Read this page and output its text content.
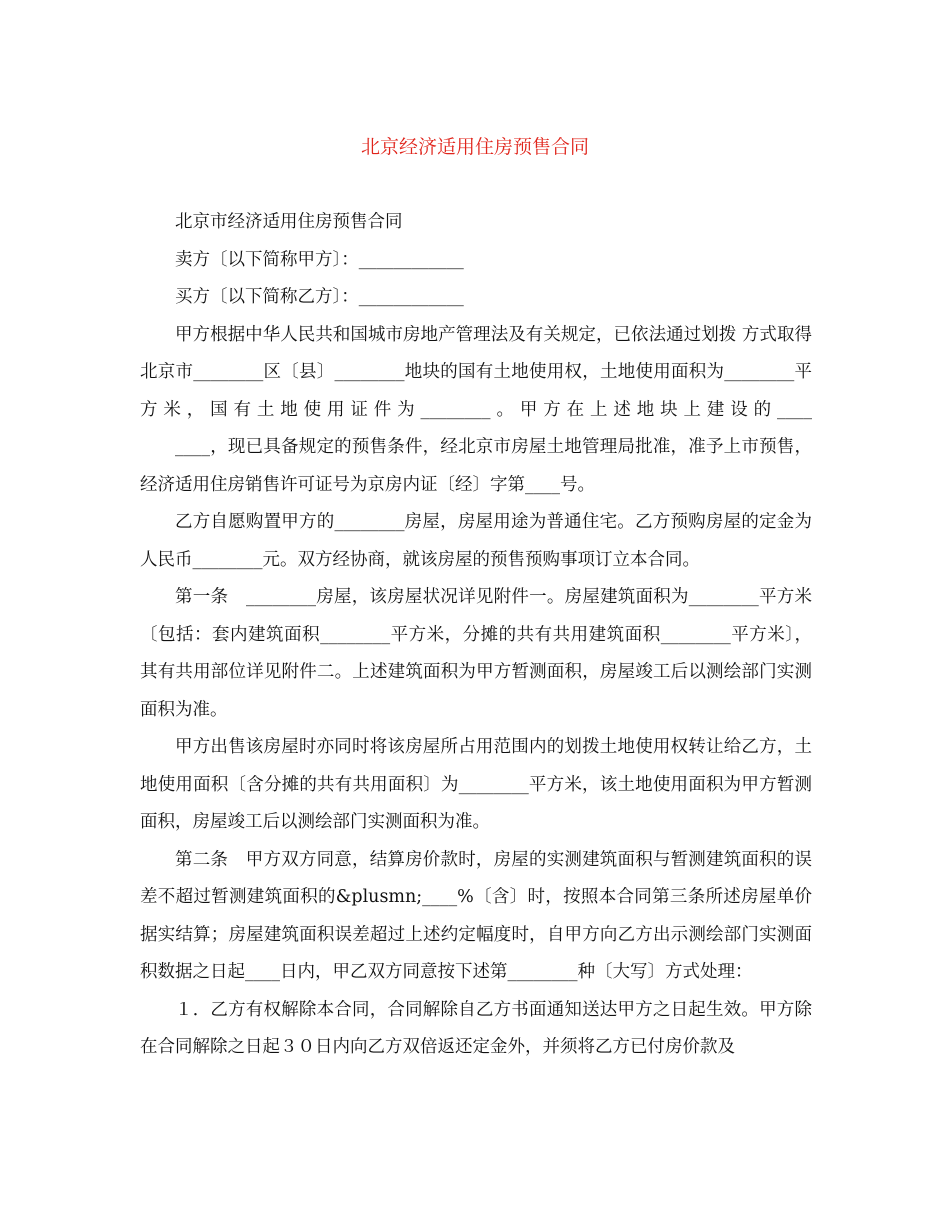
北京经济适用住房预售合同

北京市经济适用住房预售合同

卖方〔以下简称甲方〕：____________

买方〔以下简称乙方〕：____________

甲方根据中华人民共和国城市房地产管理法及有关规定，已依法通过划拨 方式取得北京市________区〔县〕________地块的国有土地使用权，土地使用面积为________平方米，国有土地使用证件为________。甲方在上述地块上建设的____

____，现已具备规定的预售条件，经北京市房屋土地管理局批准，准予上市预售，经济适用住房销售许可证号为京房内证〔经〕字第____号。

乙方自愿购置甲方的________房屋，房屋用途为普通住宅。乙方预购房屋的定金为人民币________元。双方经协商，就该房屋的预售预购事项订立本合同。

第一条　________房屋，该房屋状况详见附件一。房屋建筑面积为________平方米〔包括：套内建筑面积________平方米，分摊的共有共用建筑面积________平方米〕，其有共用部位详见附件二。上述建筑面积为甲方暂测面积，房屋竣工后以测绘部门实测面积为准。

甲方出售该房屋时亦同时将该房屋所占用范围内的划拨土地使用权转让给乙方，土地使用面积〔含分摊的共有共用面积〕为________平方米，该土地使用面积为甲方暂测面积，房屋竣工后以测绘部门实测面积为准。

第二条　甲方双方同意，结算房价款时，房屋的实测建筑面积与暂测建筑面积的误差不超过暂测建筑面积的&plusmn;____%〔含〕时，按照本合同第三条所述房屋单价据实结算；房屋建筑面积误差超过上述约定幅度时，自甲方向乙方出示测绘部门实测面积数据之日起____日内，甲乙双方同意按下述第________种〔大写〕方式处理：

１．乙方有权解除本合同，合同解除自乙方书面通知送达甲方之日起生效。甲方除在合同解除之日起３０日内向乙方双倍返还定金外，并须将乙方已付房价款及
